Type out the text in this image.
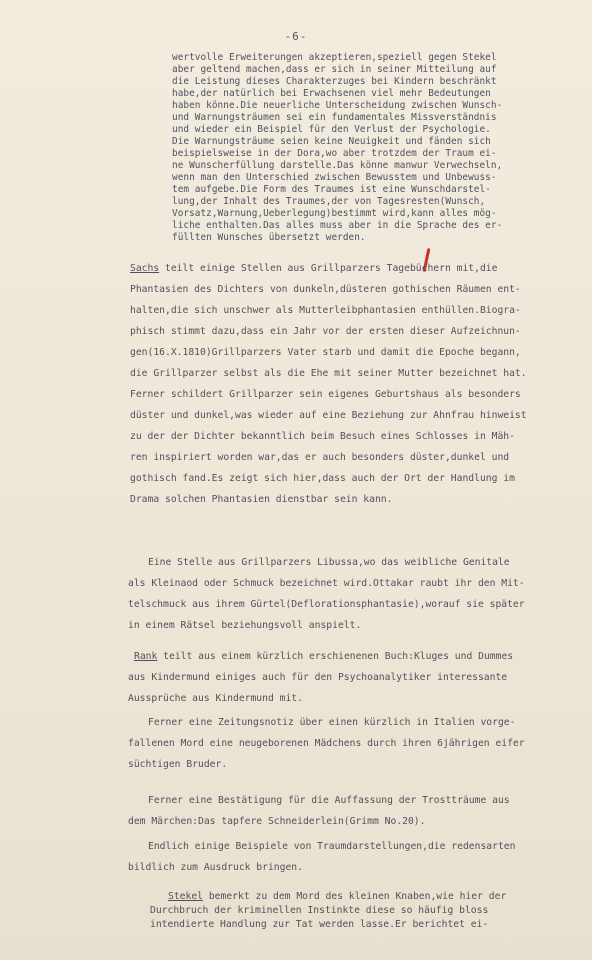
-6-
wertvolle Erweiterungen akzeptieren,speziell gegen Stekel
aber geltend machen,dass er sich in seiner Mitteilung auf
die Leistung dieses Charakterzuges bei Kindern beschränkt
habe,der natürlich bei Erwachsenen viel mehr Bedeutungen
haben könne.Die neuerliche Unterscheidung zwischen Wunsch-
und Warnungsträumen sei ein fundamentales Missverständnis
und wieder ein Beispiel für den Verlust der Psychologie.
Die Warnungsträume seien keine Neuigkeit und fänden sich
beispielsweise in der Dora,wo aber trotzdem der Traum ei-
ne Wunscherfüllung darstelle.Das könne manwur Verwechseln,
wenn man den Unterschied zwischen Bewusstem und Unbewuss-
tem aufgebe.Die Form des Traumes ist eine Wunschdarstel-
lung,der Inhalt des Traumes,der von Tagesresten(Wunsch,
Vorsatz,Warnung,Ueberlegung)bestimmt wird,kann alles mög-
liche enthalten.Das alles muss aber in die Sprache des er-
füllten Wunsches übersetzt werden.
Sachs teilt einige Stellen aus Grillparzers Tagebüchern mit,die
Phantasien des Dichters von dunkeln,düsteren gothischen Räumen ent-
halten,die sich unschwer als Mutterleibphantasien enthüllen.Biogra-
phisch stimmt dazu,dass ein Jahr vor der ersten dieser Aufzeichnun-
gen(16.X.1810)Grillparzers Vater starb und damit die Epoche begann,
die Grillparzer selbst als die Ehe mit seiner Mutter bezeichnet hat.
Ferner schildert Grillparzer sein eigenes Geburtshaus als besonders
düster und dunkel,was wieder auf eine Beziehung zur Ahnfrau hinweist
zu der der Dichter bekanntlich beim Besuch eines Schlosses in Mäh-
ren inspiriert worden war,das er auch besonders düster,dunkel und
gothisch fand.Es zeigt sich hier,dass auch der Ort der Handlung im
Drama solchen Phantasien dienstbar sein kann.
Eine Stelle aus Grillparzers Libussa,wo das weibliche Genitale
als Kleinaod oder Schmuck bezeichnet wird.Ottakar raubt ihr den Mit-
telschmuck aus ihrem Gürtel(Deflorationsphantasie),worauf sie später
in einem Rätsel beziehungsvoll anspielt.
Rank teilt aus einem kürzlich erschienenen Buch:Kluges und Dummes
aus Kindermund einiges auch für den Psychoanalytiker interessante
Aussprüche aus Kindermund mit.
Ferner eine Zeitungsnotiz über einen kürzlich in Italien vorge-
fallenen Mord eine neugeborenen Mädchens durch ihren 6jährigen eifer
süchtigen Bruder.
Ferner eine Bestätigung für die Auffassung der Trostträume aus
dem Märchen:Das tapfere Schneiderlein(Grimm No.20).
Endlich einige Beispiele von Traumdarstellungen,die redensarten
bildlich zum Ausdruck bringen.
Stekel bemerkt zu dem Mord des kleinen Knaben,wie hier der
Durchbruch der kriminellen Instinkte diese so häufig bloss
intendierte Handlung zur Tat werden lasse.Er berichtet ei-
